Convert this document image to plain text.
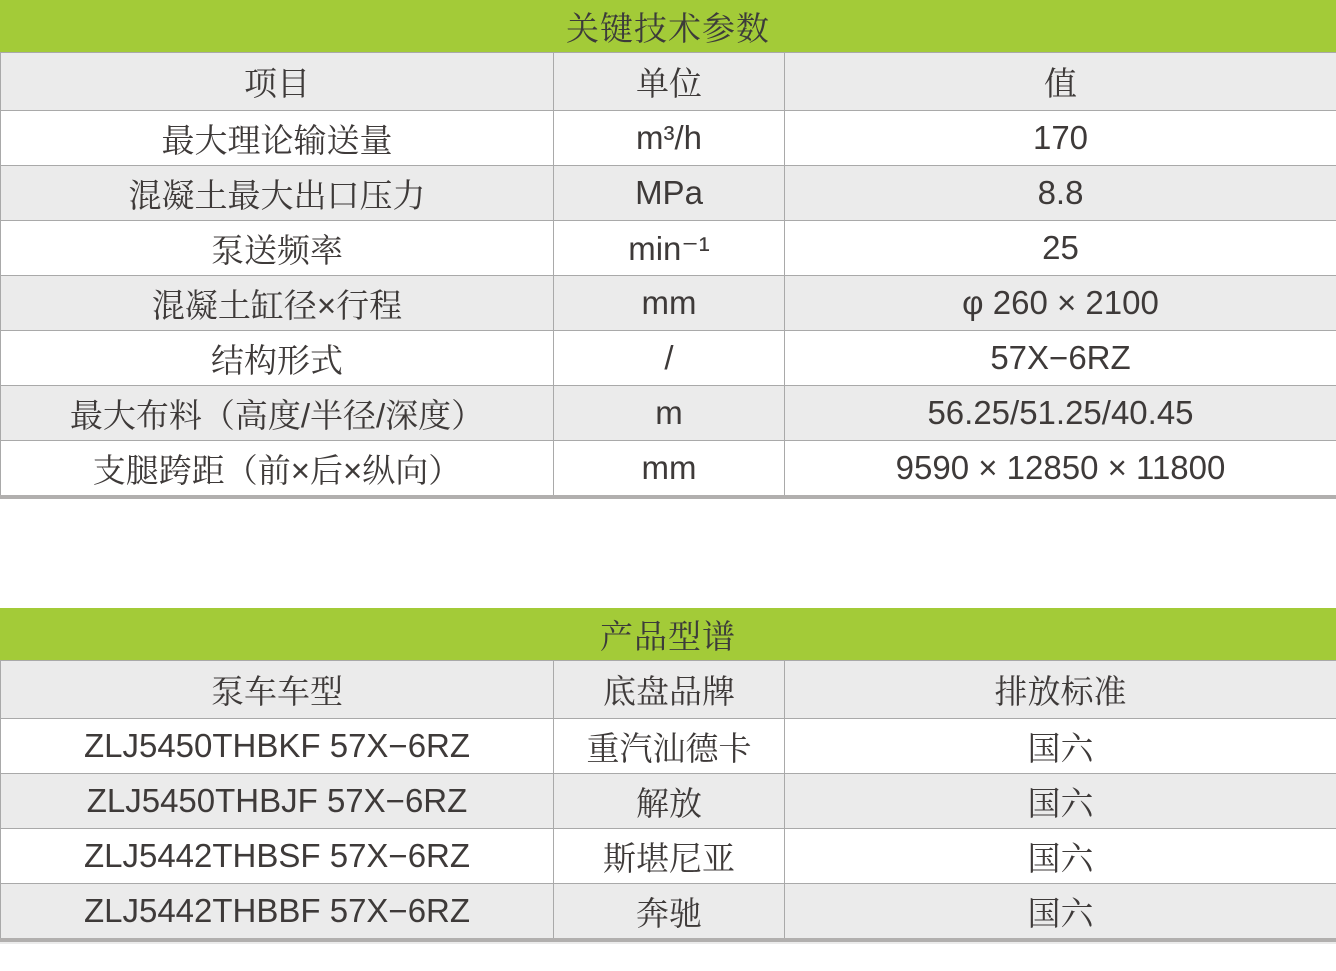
关键技术参数
项目	单位	值
最大理论输送量	m³/h	170
混凝土最大出口压力	MPa	8.8
泵送频率	min⁻¹	25
混凝土缸径×行程	mm	φ 260 × 2100
结构形式	/	57X−6RZ
最大布料（高度/半径/深度）	m	56.25/51.25/40.45
支腿跨距（前×后×纵向）	mm	9590 × 12850 × 11800
产品型谱
泵车车型	底盘品牌	排放标准
ZLJ5450THBKF 57X−6RZ	重汽汕德卡	国六
ZLJ5450THBJF 57X−6RZ	解放	国六
ZLJ5442THBSF 57X−6RZ	斯堪尼亚	国六
ZLJ5442THBBF 57X−6RZ	奔驰	国六
